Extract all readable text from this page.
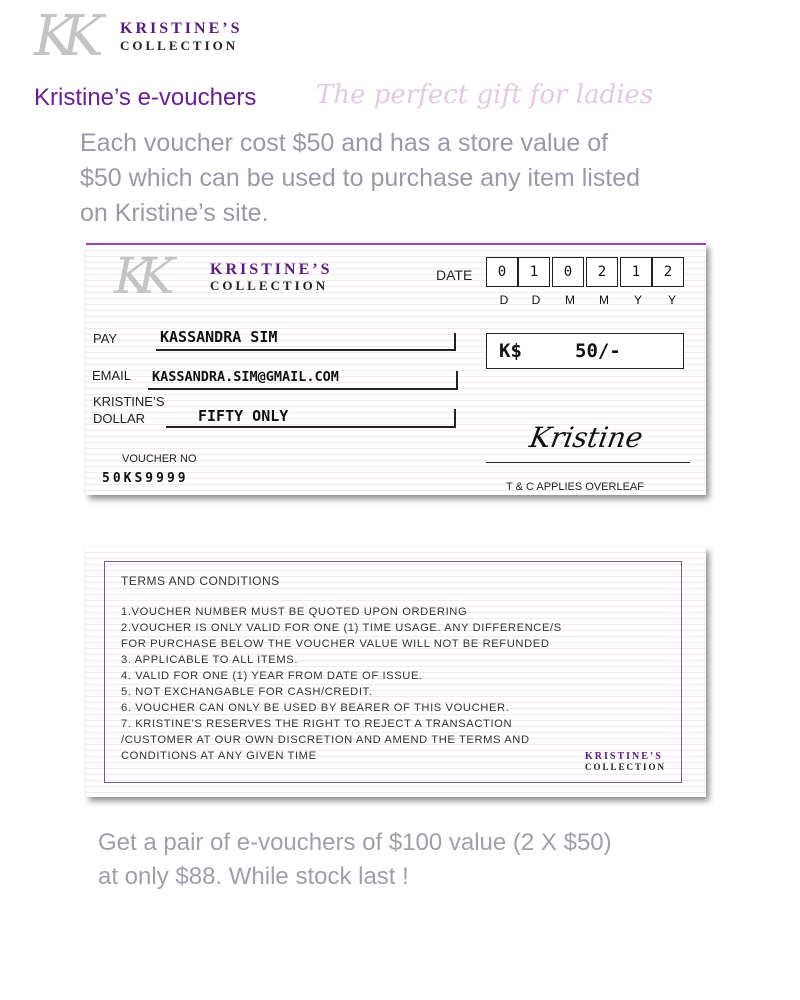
KK KRISTINE’S
COLLECTION
Kristine’s e-vouchers The perfect gift for ladies
Each voucher cost $50 and has a store value of
$50 which can be used to purchase any item listed
on Kristine’s site.
KK	KRISTINE’S
COLLECTION
DATE	0	1	0	2	1	2
D	D	M	M	Y	Y
PAY	KASSANDRA SIM
EMAIL KASSANDRA.SIM@GMAIL.COM
KRISTINE’S
DOLLAR	FIFTY ONLY
K$	50/-
Kristine
VOUCHER NO
50KS9999
T & C APPLIES OVERLEAF
TERMS AND CONDITIONS
1.VOUCHER NUMBER MUST BE QUOTED UPON ORDERING
2.VOUCHER IS ONLY VALID FOR ONE (1) TIME USAGE. ANY DIFFERENCE/S
FOR PURCHASE BELOW THE VOUCHER VALUE WILL NOT BE REFUNDED
3. APPLICABLE TO ALL ITEMS.
4. VALID FOR ONE (1) YEAR FROM DATE OF ISSUE.
5. NOT EXCHANGABLE FOR CASH/CREDIT.
6. VOUCHER CAN ONLY BE USED BY BEARER OF THIS VOUCHER.
7. KRISTINE'S RESERVES THE RIGHT TO REJECT A TRANSACTION
/CUSTOMER AT OUR OWN DISCRETION AND AMEND THE TERMS AND
CONDITIONS AT ANY GIVEN TIME	KRISTINE’S
COLLECTION
Get a pair of e-vouchers of $100 value (2 X $50)
at only $88. While stock last !
